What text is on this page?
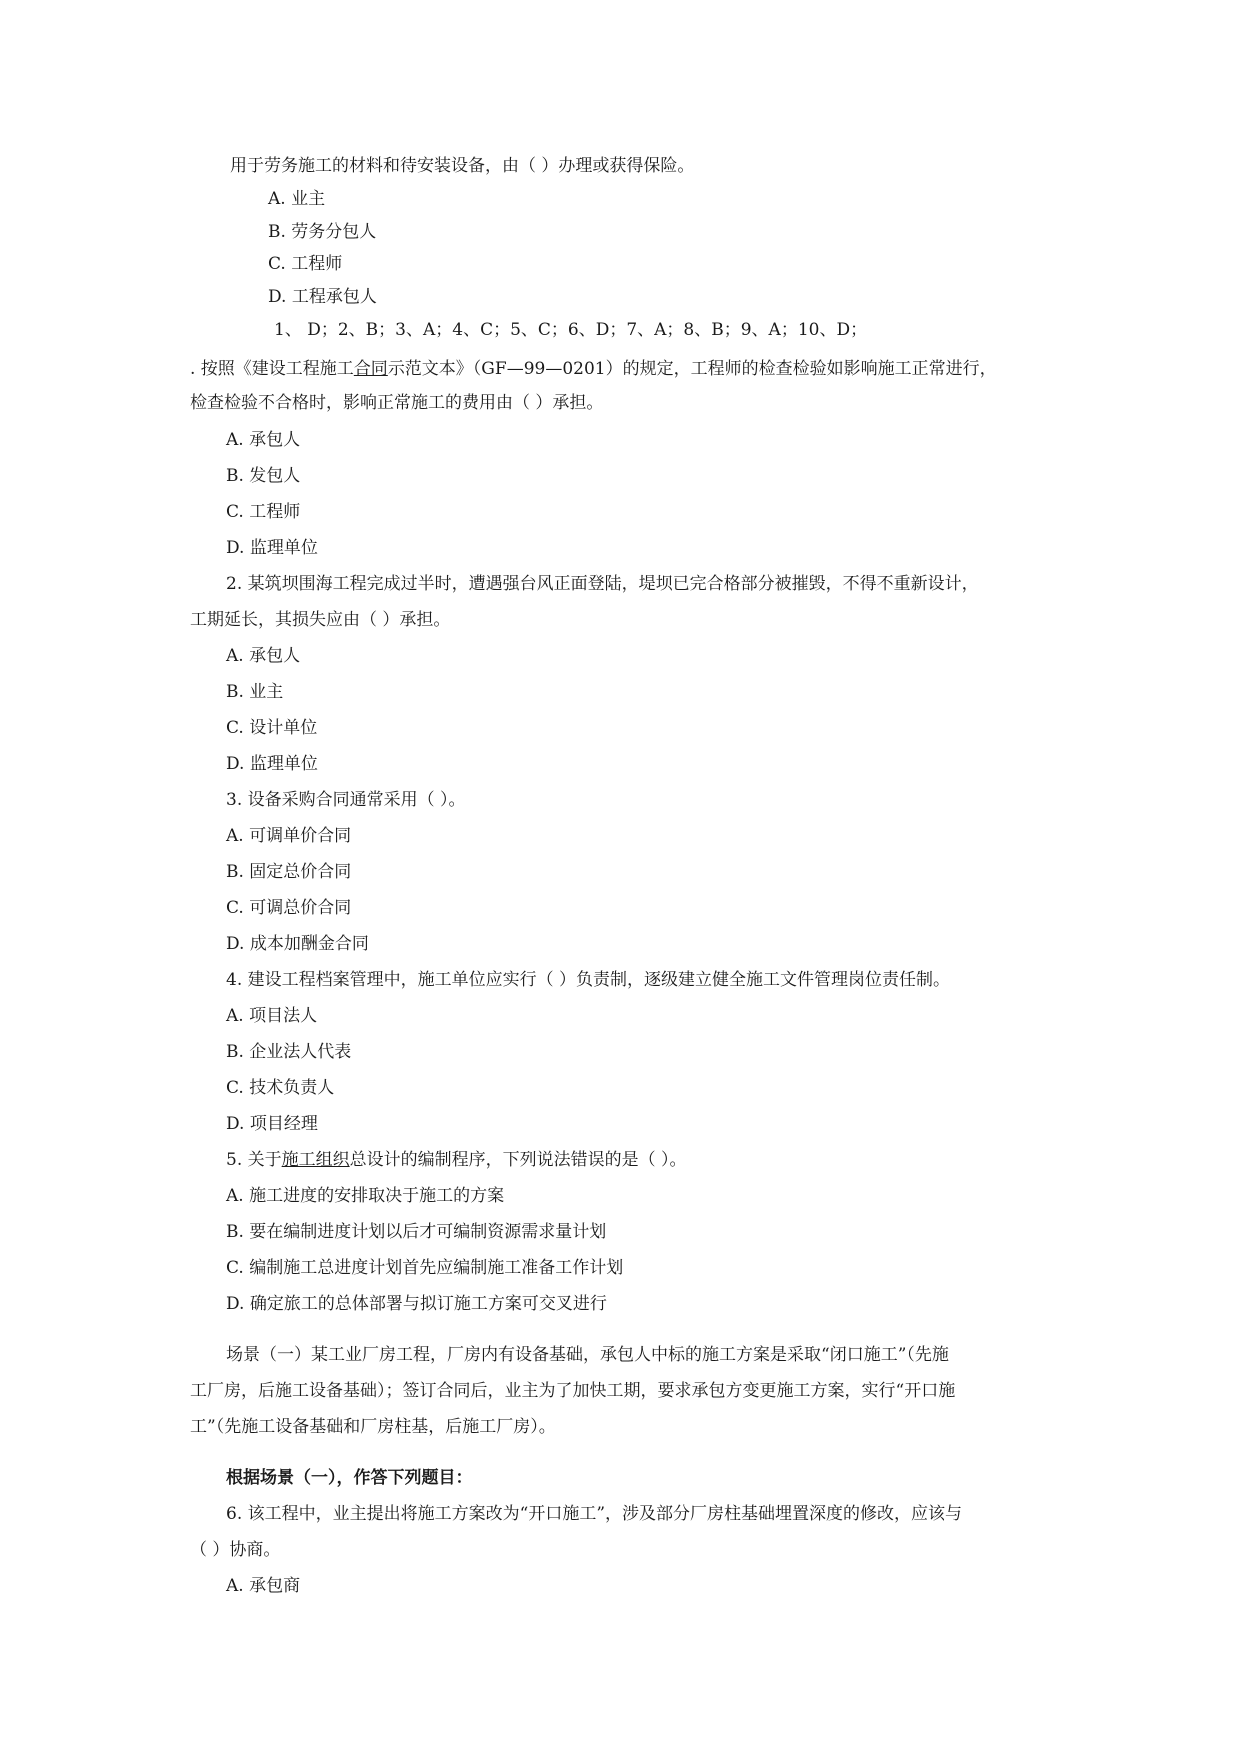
用于劳务施工的材料和待安装设备，由（ ）办理或获得保险。
A. 业主
B. 劳务分包人
C. 工程师
D. 工程承包人
1、 D；2、B；3、A；4、C；5、C；6、D；7、A；8、B；9、A；10、D；
. 按照《建设工程施工合同示范文本》（GF—99—0201）的规定，工程师的检查检验如影响施工正常进行，
检查检验不合格时，影响正常施工的费用由（ ）承担。
A. 承包人
B. 发包人
C. 工程师
D. 监理单位
2. 某筑坝围海工程完成过半时，遭遇强台风正面登陆，堤坝已完合格部分被摧毁，不得不重新设计，
工期延长，其损失应由（ ）承担。
A. 承包人
B. 业主
C. 设计单位
D. 监理单位
3. 设备采购合同通常采用（ ）。
A. 可调单价合同
B. 固定总价合同
C. 可调总价合同
D. 成本加酬金合同
4. 建设工程档案管理中，施工单位应实行（ ）负责制，逐级建立健全施工文件管理岗位责任制。
A. 项目法人
B. 企业法人代表
C. 技术负责人
D. 项目经理
5. 关于施工组织总设计的编制程序，下列说法错误的是（ ）。
A. 施工进度的安排取决于施工的方案
B. 要在编制进度计划以后才可编制资源需求量计划
C. 编制施工总进度计划首先应编制施工准备工作计划
D. 确定旅工的总体部署与拟订施工方案可交叉进行
场景（一）某工业厂房工程，厂房内有设备基础，承包人中标的施工方案是采取“闭口施工”（先施
工厂房，后施工设备基础）；签订合同后，业主为了加快工期，要求承包方变更施工方案，实行“开口施
工”（先施工设备基础和厂房柱基，后施工厂房）。
根据场景（一），作答下列题目：
6. 该工程中，业主提出将施工方案改为“开口施工”，涉及部分厂房柱基础埋置深度的修改，应该与
（ ）协商。
A. 承包商
